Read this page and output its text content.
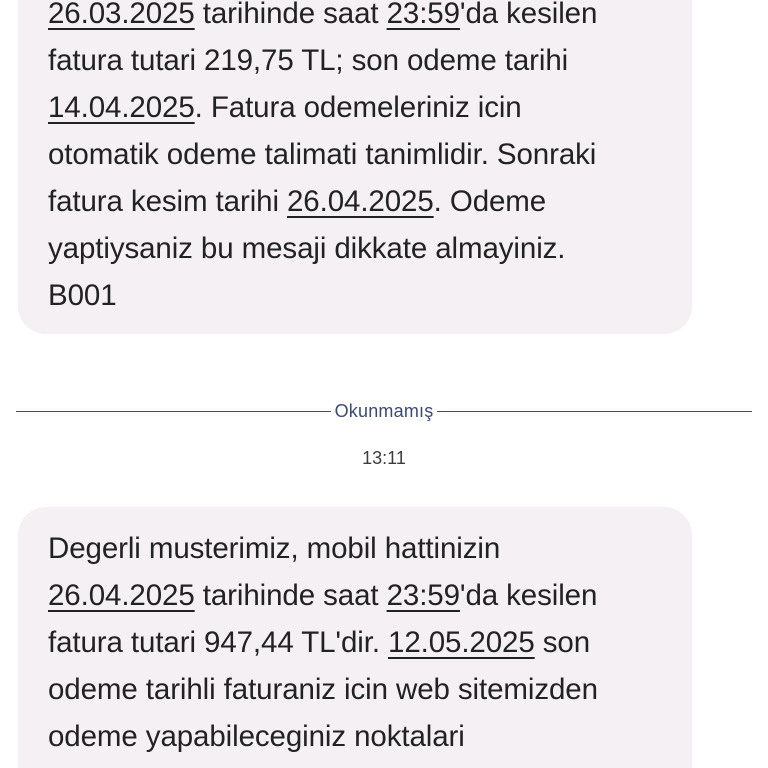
26.03.2025 tarihinde saat 23:59'da kesilen
fatura tutari 219,75 TL; son odeme tarihi
14.04.2025. Fatura odemeleriniz icin
otomatik odeme talimati tanimlidir. Sonraki
fatura kesim tarihi 26.04.2025. Odeme
yaptiysaniz bu mesaji dikkate almayiniz.
B001
Okunmamış
13:11
Degerli musterimiz, mobil hattinizin
26.04.2025 tarihinde saat 23:59'da kesilen
fatura tutari 947,44 TL'dir. 12.05.2025 son
odeme tarihli faturaniz icin web sitemizden
odeme yapabileceginiz noktalari
